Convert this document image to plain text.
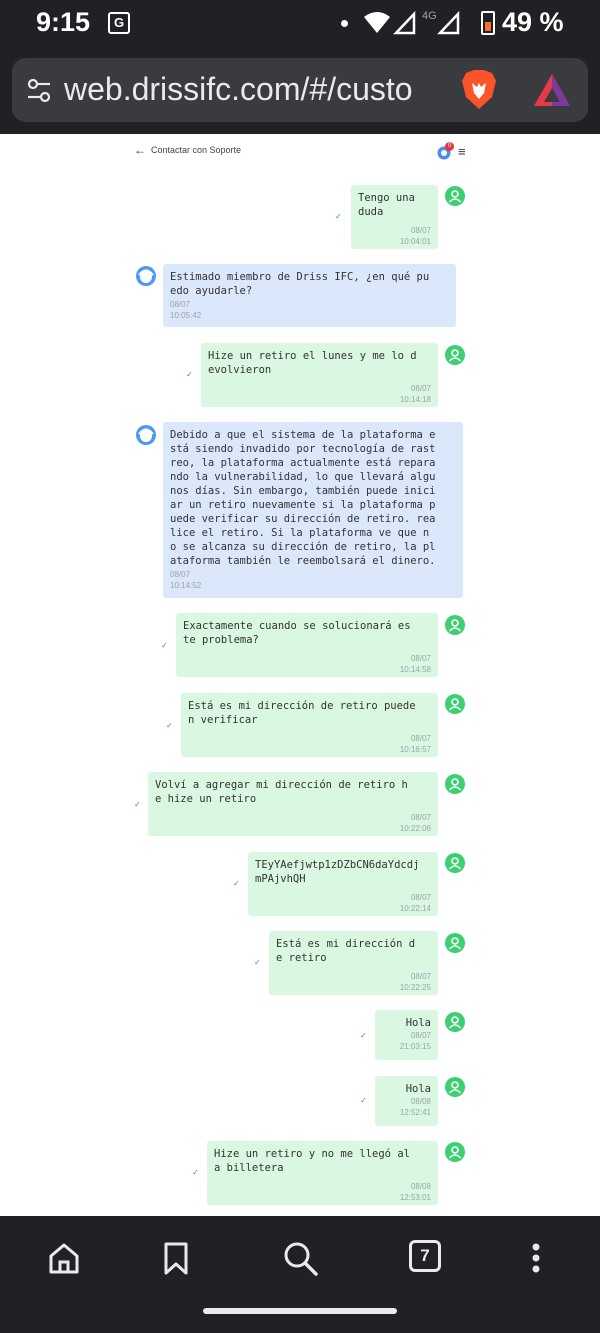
9:15	G	4G 49 %
web.drissifc.com/#/custo
← Contactar con Soporte	0 ≡
✓
Tengo una
duda
08/07
10:04:01
Estimado miembro de Driss IFC, ¿en qué pu
edo ayudarle?
08/07
10:05:42
✓
Hize un retiro el lunes y me lo d
evolvieron
08/07
10:14:18
Debido a que el sistema de la plataforma e
stá siendo invadido por tecnología de rast
reo, la plataforma actualmente está repara
ndo la vulnerabilidad, lo que llevará algu
nos días. Sin embargo, también puede inici
ar un retiro nuevamente si la plataforma p
uede verificar su dirección de retiro. rea
lice el retiro. Si la plataforma ve que n
o se alcanza su dirección de retiro, la pl
ataforma también le reembolsará el dinero.
08/07
10:14:52
✓
Exactamente cuando se solucionará es
te problema?
08/07
10:14:58
✓
Está es mi dirección de retiro puede
n verificar
08/07
10:16:57
✓
Volví a agregar mi dirección de retiro h
e hize un retiro
08/07
10:22:06
✓
TEyYAefjwtp1zDZbCN6daYdcdj
mPAjvhQH
08/07
10:22:14
✓
Está es mi dirección d
e retiro
08/07
10:22:25
✓
Hola
08/07
21:03:15
✓
Hola
08/08
12:52:41
✓
Hize un retiro y no me llegó al
a billetera
08/08
12:53:01
7
